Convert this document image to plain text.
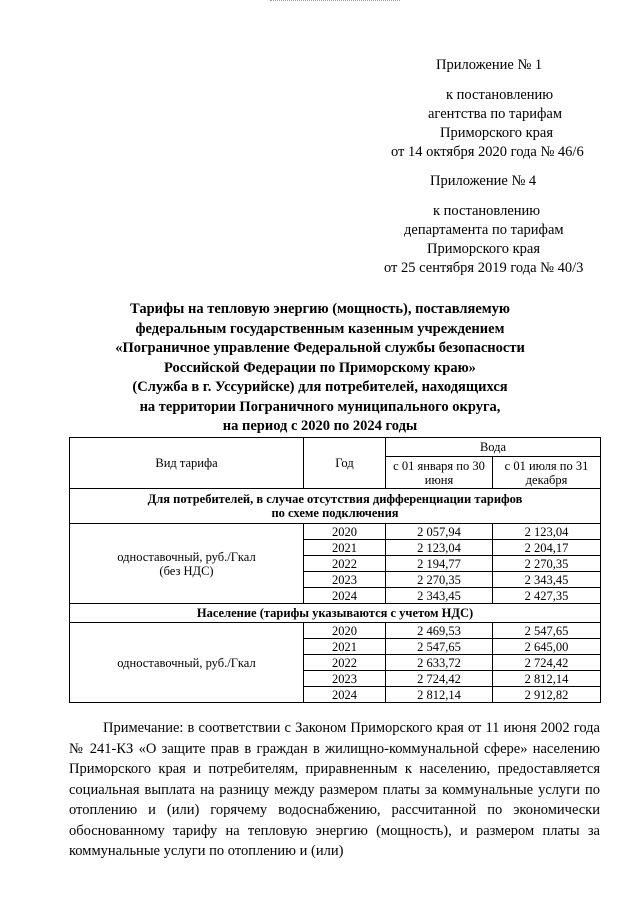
Приложение № 1
к постановлению
агентства по тарифам
Приморского края
от 14 октября 2020 года № 46/6
Приложение № 4
к постановлению
департамента по тарифам
Приморского края
от 25 сентября 2019 года № 40/3
Тарифы на тепловую энергию (мощность), поставляемую
федеральным государственным казенным учреждением
«Пограничное управление Федеральной службы безопасности
Российской Федерации по Приморскому краю»
(Служба в г. Уссурийске) для потребителей, находящихся
на территории Пограничного муниципального округа,
на период с 2020 по 2024 годы
Вид тарифа	Год	Вода	
		с 01 января по 30 июня	с 01 июля по 31 декабря
Для потребителей, в случае отсутствия дифференциации тарифов по схеме подключения			
одноставочный, руб./Гкал (без НДС)	2020	2 057,94	2 123,04
	2021	2 123,04	2 204,17
	2022	2 194,77	2 270,35
	2023	2 270,35	2 343,45
	2024	2 343,45	2 427,35
Население (тарифы указываются с учетом НДС)			
одноставочный, руб./Гкал	2020	2 469,53	2 547,65
	2021	2 547,65	2 645,00
	2022	2 633,72	2 724,42
	2023	2 724,42	2 812,14
	2024	2 812,14	2 912,82

Примечание: в соответствии с Законом Приморского края от 11 июня 2002 года № 241-КЗ «О защите прав в граждан в жилищно-коммунальной сфере» населению Приморского края и потребителям, приравненным к населению, предоставляется социальная выплата на разницу между размером платы за коммунальные услуги по отоплению и (или) горячему водоснабжению, рассчитанной по экономически обоснованному тарифу на тепловую энергию (мощность), и размером платы за коммунальные услуги по отоплению и (или)
